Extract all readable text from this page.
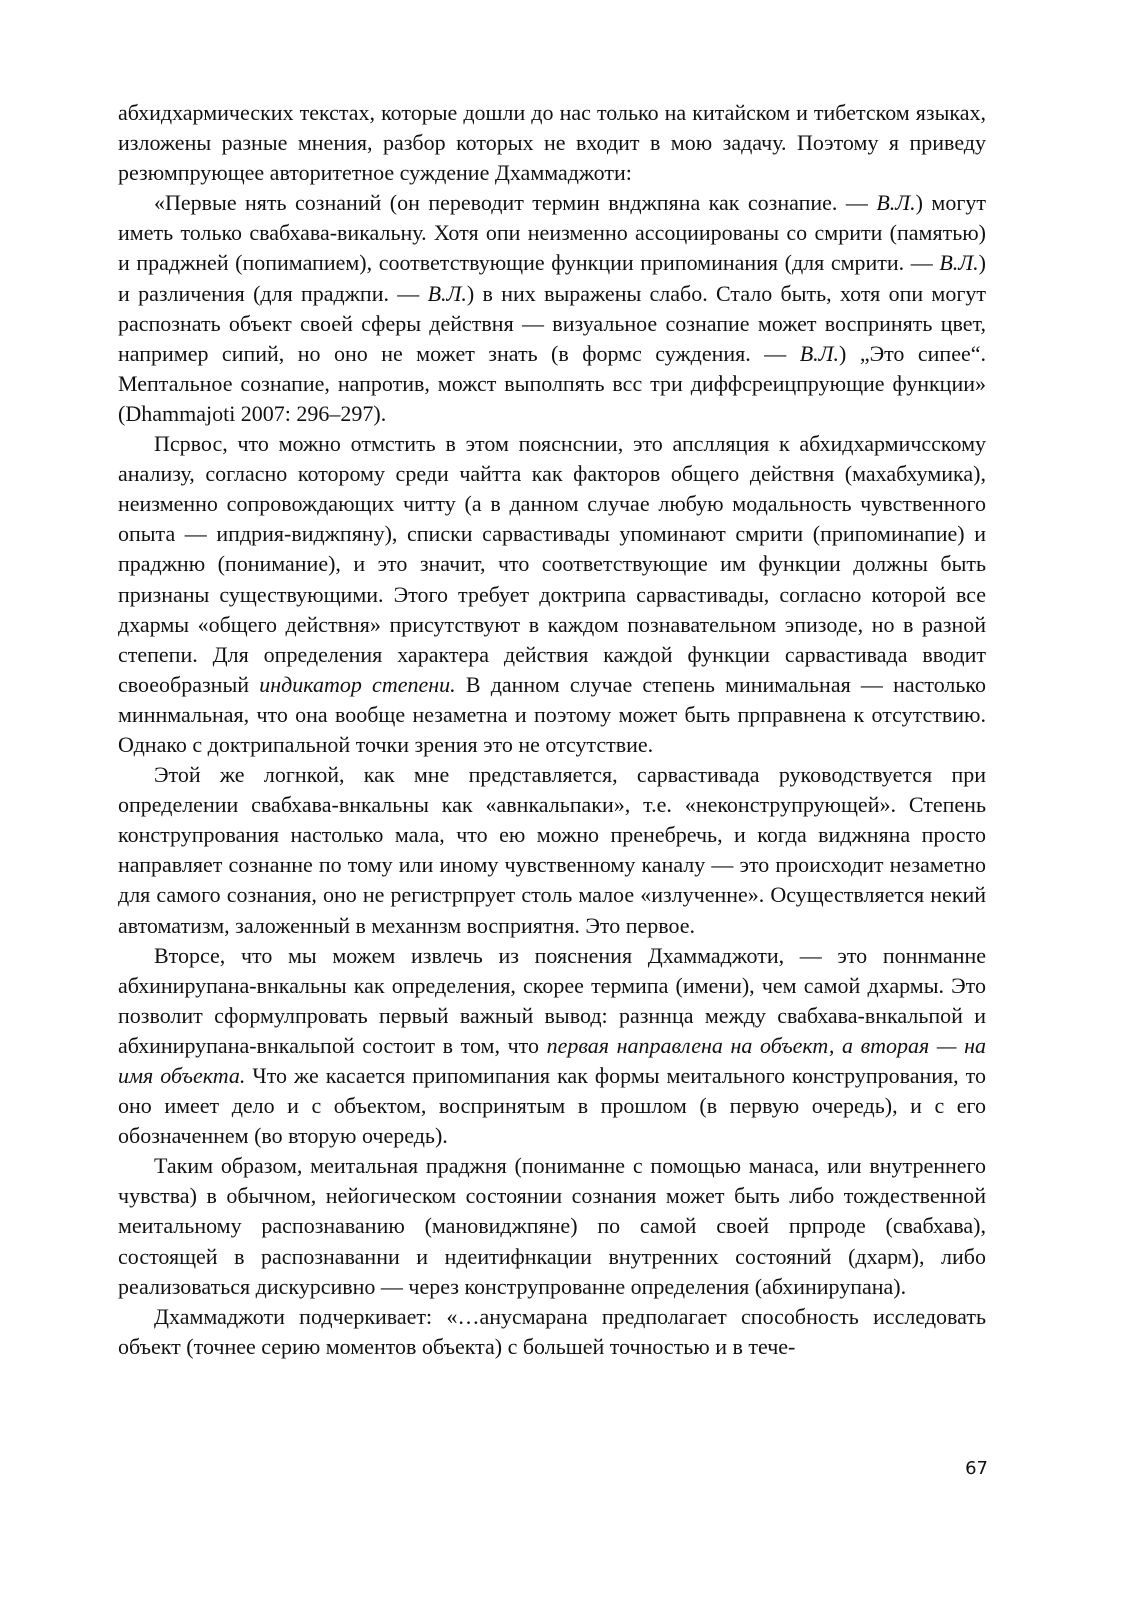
абхидхармических текстах, которые дошли до нас только на китайском и тибетском языках, изложены разные мнения, разбор которых не входит в мою задачу. Поэтому я приведу резюмпрующее авторитетное суждение Дхаммаджоти:

«Первые нять сознаний (он переводит термин внджпяна как сознапие. — В.Л.) могут иметь только свабхава-викальну. Хотя опи неизменно ассоциированы со смрити (памятью) и праджней (попимапием), соответствующие функции припоминания (для смрити. — В.Л.) и различения (для праджпи. — В.Л.) в них выражены слабо. Стало быть, хотя опи могут распознать объект своей сферы действня — визуальное сознапие может воспринять цвет, например сипий, но оно не может знать (в формс суждения. — В.Л.) „Это сипее“. Мептальное сознапие, напротив, можст выполпять всс три диффсреицпрующие функции» (Dhammajoti 2007: 296–297).

Псрвос, что можно отмстить в этом пояснснии, это апслляция к абхидхармичсскому анализу, согласно которому среди чайтта как факторов общего действня (махабхумика), неизменно сопровождающих читту (а в данном случае любую модальность чувственного опыта — ипдрия-виджпяну), списки сарвастивады упоминают смрити (припоминапие) и праджню (понимание), и это значит, что соответствующие им функции должны быть признаны существующими. Этого требует доктрипа сарвастивады, согласно которой все дхармы «общего действня» присутствуют в каждом познавательном эпизоде, но в разной степепи. Для определения характера действия каждой функции сарвастивада вводит своеобразный индикатор степени. В данном случае степень минимальная — настолько миннмальная, что она вообще незаметна и поэтому может быть прправнена к отсутствию. Однако с доктрипальной точки зрения это не отсутствие.

Этой же логнкой, как мне представляется, сарвастивада руководствуется при определении свабхава-внкальны как «авнкальпаки», т.е. «неконструпрующей». Степень конструпрования настолько мала, что ею можно пренебречь, и когда виджняна просто направляет сознанне по тому или иному чувственному каналу — это происходит незаметно для самого сознания, оно не регистрпрует столь малое «излученне». Осуществляется некий автоматизм, заложенный в механнзм восприятня. Это первое.

Вторсе, что мы можем извлечь из пояснения Дхаммаджоти, — это поннманне абхинирупана-внкальны как определения, скорее термипа (имени), чем самой дхармы. Это позволит сформулпровать первый важный вывод: разннца между свабхава-внкальпой и абхинирупана-внкальпой состоит в том, что первая направлена на объект, а вторая — на имя объекта. Что же касается припомипания как формы меитального конструпрования, то оно имеет дело и с объектом, воспринятым в прошлом (в первую очередь), и с его обозначеннем (во вторую очередь).

Таким образом, меитальная праджня (пониманне с помощью манаса, или внутреннего чувства) в обычном, нейогическом состоянии сознания может быть либо тождественной меитальному распознаванию (мановиджпяне) по самой своей прпроде (свабхава), состоящей в распознаванни и ндеитифнкации внутренних состояний (дхарм), либо реализоваться дискурсивно — через конструпрованне определения (абхинирупана).

Дхаммаджоти подчеркивает: «…анусмарана предполагает способность исследовать объект (точнее серию моментов объекта) с большей точностью и в тече-

67
